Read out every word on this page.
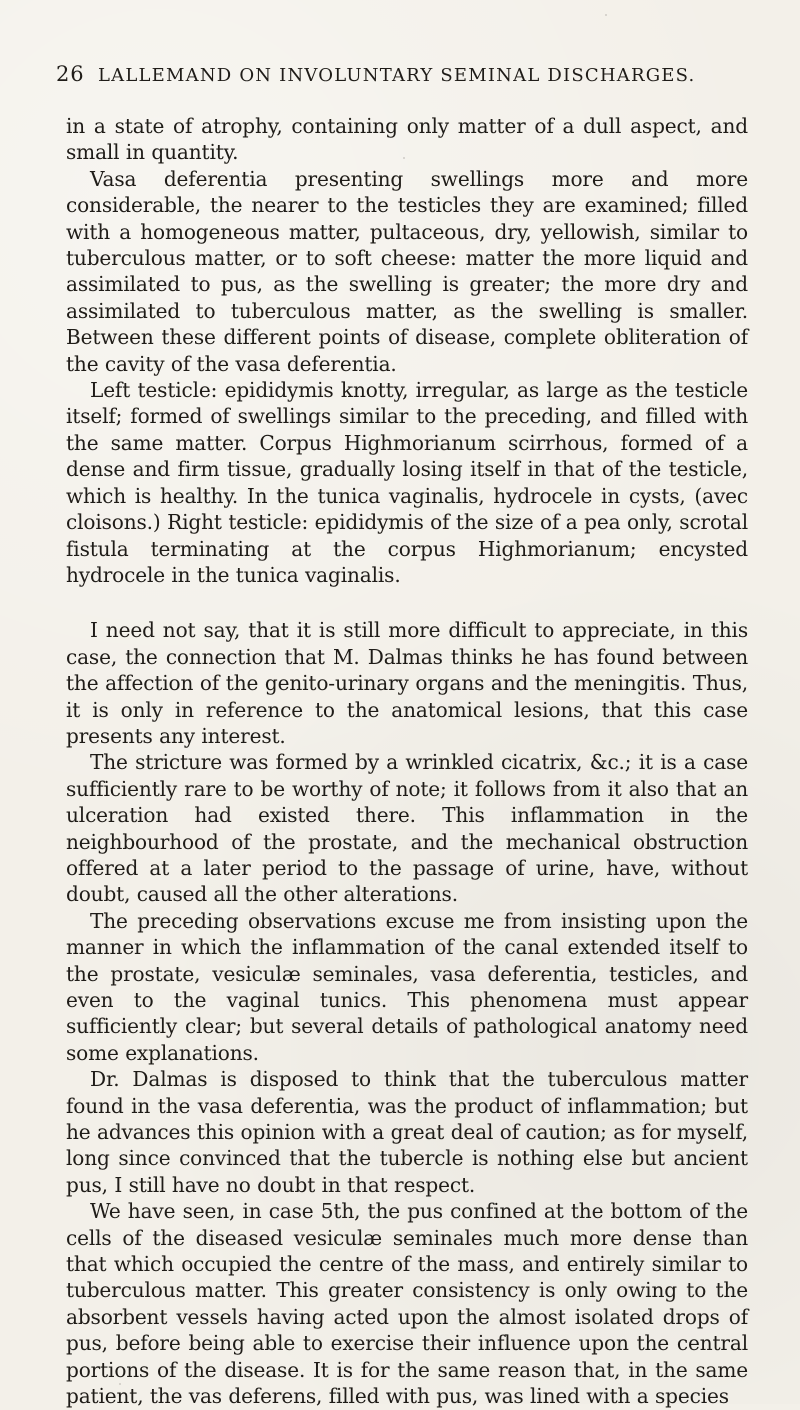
26 LALLEMAND ON INVOLUNTARY SEMINAL DISCHARGES.

in a state of atrophy, containing only matter of a dull aspect, and small in quantity.

Vasa deferentia presenting swellings more and more considerable, the nearer to the testicles they are examined; filled with a homogeneous matter, pultaceous, dry, yellowish, similar to tuberculous matter, or to soft cheese: matter the more liquid and assimilated to pus, as the swelling is greater; the more dry and assimilated to tuberculous matter, as the swelling is smaller. Between these different points of disease, complete obliteration of the cavity of the vasa deferentia.

Left testicle: epididymis knotty, irregular, as large as the testicle itself; formed of swellings similar to the preceding, and filled with the same matter. Corpus Highmorianum scirrhous, formed of a dense and firm tissue, gradually losing itself in that of the testicle, which is healthy. In the tunica vaginalis, hydrocele in cysts, (avec cloisons.) Right testicle: epididymis of the size of a pea only, scrotal fistula terminating at the corpus Highmorianum; encysted hydrocele in the tunica vaginalis.

I need not say, that it is still more difficult to appreciate, in this case, the connection that M. Dalmas thinks he has found between the affection of the genito-urinary organs and the meningitis. Thus, it is only in reference to the anatomical lesions, that this case presents any interest.

The stricture was formed by a wrinkled cicatrix, &c.; it is a case sufficiently rare to be worthy of note; it follows from it also that an ulceration had existed there. This inflammation in the neighbourhood of the prostate, and the mechanical obstruction offered at a later period to the passage of urine, have, without doubt, caused all the other alterations.

The preceding observations excuse me from insisting upon the manner in which the inflammation of the canal extended itself to the prostate, vesiculæ seminales, vasa deferentia, testicles, and even to the vaginal tunics. This phenomena must appear sufficiently clear; but several details of pathological anatomy need some explanations.

Dr. Dalmas is disposed to think that the tuberculous matter found in the vasa deferentia, was the product of inflammation; but he advances this opinion with a great deal of caution; as for myself, long since convinced that the tubercle is nothing else but ancient pus, I still have no doubt in that respect.

We have seen, in case 5th, the pus confined at the bottom of the cells of the diseased vesiculæ seminales much more dense than that which occupied the centre of the mass, and entirely similar to tuberculous matter. This greater consistency is only owing to the absorbent vessels having acted upon the almost isolated drops of pus, before being able to exercise their influence upon the central portions of the disease. It is for the same reason that, in the same patient, the vas deferens, filled with pus, was lined with a species
